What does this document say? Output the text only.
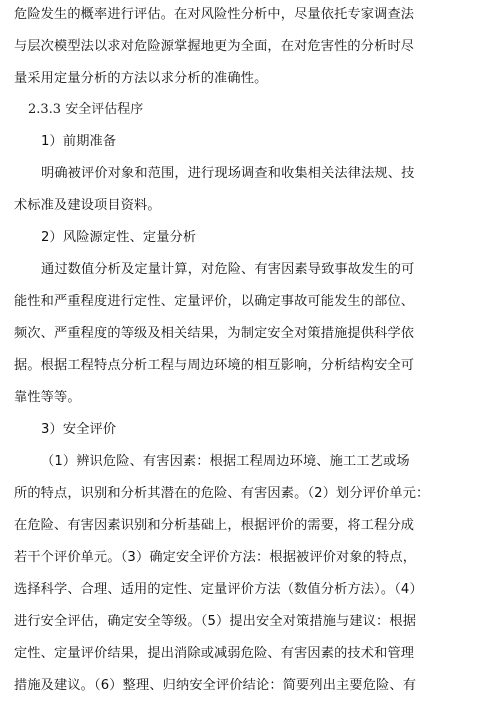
危险发生的概率进行评估。在对风险性分析中，尽量依托专家调查法
与层次模型法以求对危险源掌握地更为全面，在对危害性的分析时尽
量采用定量分析的方法以求分析的准确性。
2.3.3 安全评估程序
1）前期准备
明确被评价对象和范围，进行现场调查和收集相关法律法规、技
术标准及建设项目资料。
2）风险源定性、定量分析
通过数值分析及定量计算，对危险、有害因素导致事故发生的可
能性和严重程度进行定性、定量评价，以确定事故可能发生的部位、
频次、严重程度的等级及相关结果，为制定安全对策措施提供科学依
据。根据工程特点分析工程与周边环境的相互影响，分析结构安全可
靠性等等。
3）安全评价
（1）辨识危险、有害因素：根据工程周边环境、施工工艺或场
所的特点，识别和分析其潜在的危险、有害因素。（2）划分评价单元：
在危险、有害因素识别和分析基础上，根据评价的需要，将工程分成
若干个评价单元。（3）确定安全评价方法：根据被评价对象的特点，
选择科学、合理、适用的定性、定量评价方法（数值分析方法）。（4）
进行安全评估，确定安全等级。（5）提出安全对策措施与建议：根据
定性、定量评价结果，提出消除或减弱危险、有害因素的技术和管理
措施及建议。（6）整理、归纳安全评价结论：简要列出主要危险、有
